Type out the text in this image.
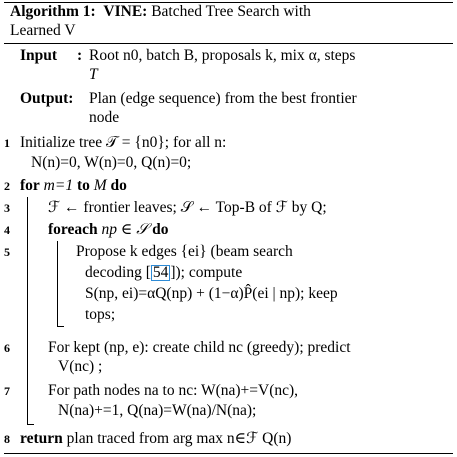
Algorithm 1: VINE: Batched Tree Search with
Learned V
Input : Root n0, batch B, proposals k, mix α, steps
T
Output: Plan (edge sequence) from the best frontier
node
1
2
3
4
5
6
7
8
Initialize tree 𝒯 = {n0}; for all n:
N(n)=0, W(n)=0, Q(n)=0;
for m=1 to M do
ℱ ← frontier leaves; 𝒮 ← Top-B of ℱ by Q;
foreach np ∈ 𝒮 do
Propose k edges {ei} (beam search
decoding [ 54 ]); compute
S(np, ei)=αQ(np) + (1−α)P̂(ei | np); keep
tops;
For kept (np, e): create child nc (greedy); predict
V(nc) ;
For path nodes na to nc: W(na)+=V(nc),
N(na)+=1, Q(na)=W(na)/N(na);
return plan traced from arg max n∈ℱ Q(n)
